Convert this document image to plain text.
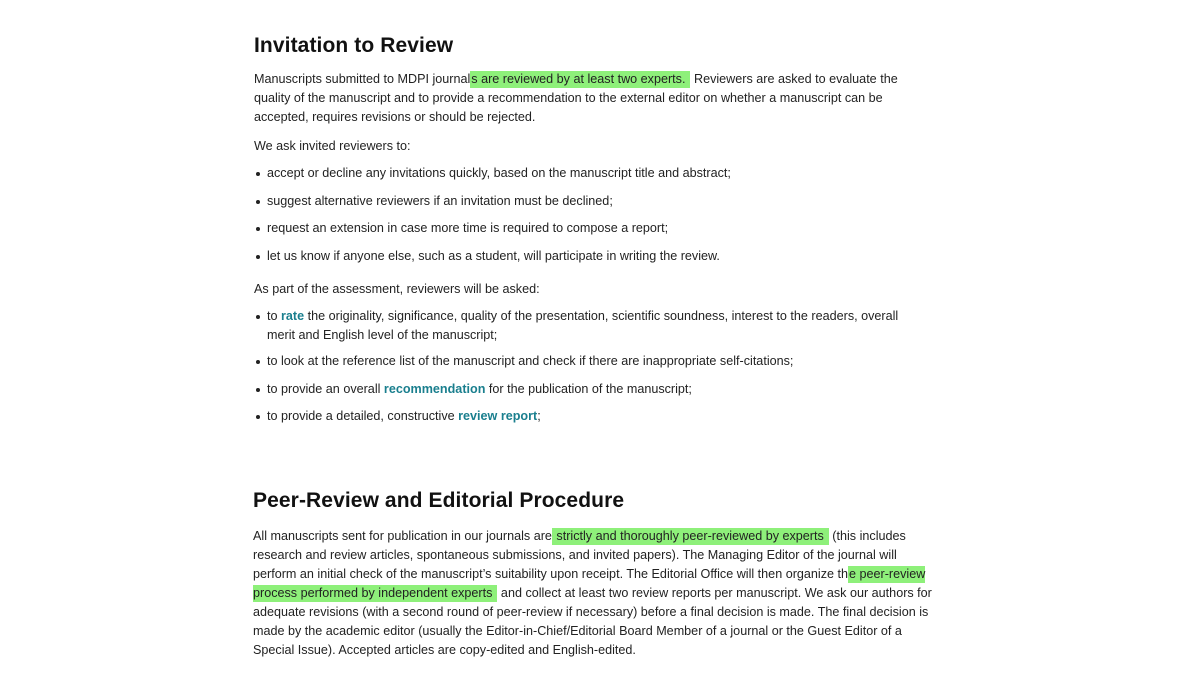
Invitation to Review

Manuscripts submitted to MDPI journals are reviewed by at least two experts. Reviewers are asked to evaluate the quality of the manuscript and to provide a recommendation to the external editor on whether a manuscript can be accepted, requires revisions or should be rejected.

We ask invited reviewers to:

accept or decline any invitations quickly, based on the manuscript title and abstract;
suggest alternative reviewers if an invitation must be declined;
request an extension in case more time is required to compose a report;
let us know if anyone else, such as a student, will participate in writing the review.

As part of the assessment, reviewers will be asked:

to rate the originality, significance, quality of the presentation, scientific soundness, interest to the readers, overall merit and English level of the manuscript;
to look at the reference list of the manuscript and check if there are inappropriate self-citations;
to provide an overall recommendation for the publication of the manuscript;
to provide a detailed, constructive review report;
Peer-Review and Editorial Procedure

All manuscripts sent for publication in our journals are strictly and thoroughly peer-reviewed by experts (this includes research and review articles, spontaneous submissions, and invited papers). The Managing Editor of the journal will perform an initial check of the manuscript’s suitability upon receipt. The Editorial Office will then organize the peer-review process performed by independent experts and collect at least two review reports per manuscript. We ask our authors for adequate revisions (with a second round of peer-review if necessary) before a final decision is made. The final decision is made by the academic editor (usually the Editor-in-Chief/Editorial Board Member of a journal or the Guest Editor of a Special Issue). Accepted articles are copy-edited and English-edited.
